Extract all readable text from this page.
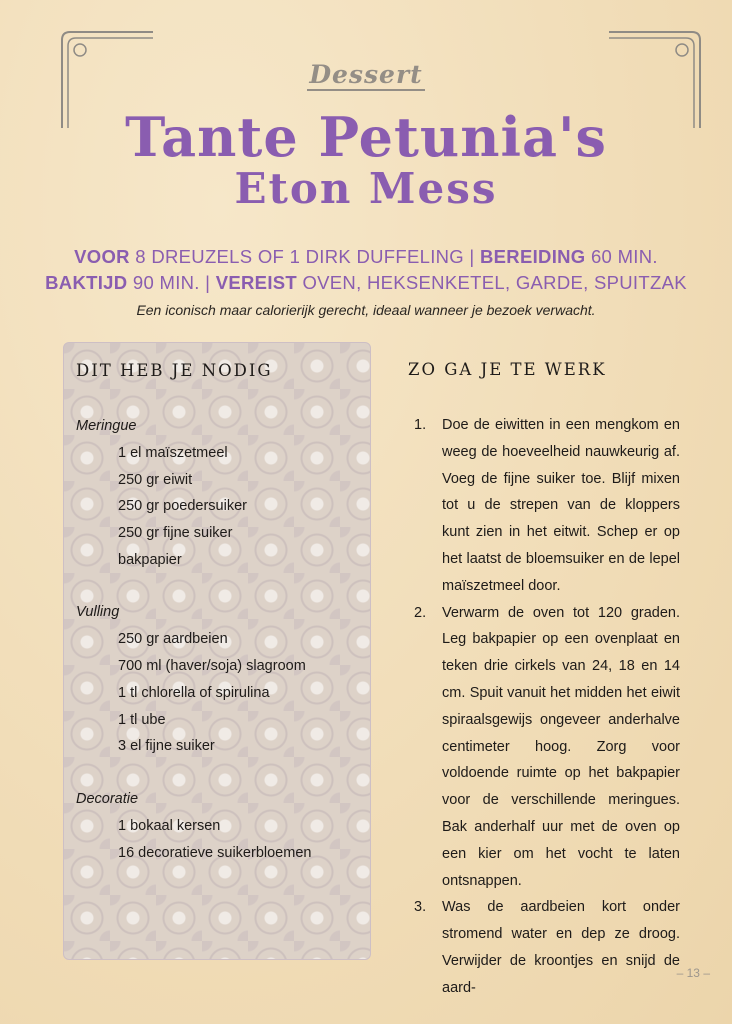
Dessert
Tante Petunia's
Eton Mess
VOOR 8 DREUZELS OF 1 DIRK DUFFELING | BEREIDING 60 MIN.
BAKTIJD 90 MIN. | VEREIST OVEN, HEKSENKETEL, GARDE, SPUITZAK
Een iconisch maar calorierijk gerecht, ideaal wanneer je bezoek verwacht.
DIT HEB JE NODIG
Meringue
1 el maïszetmeel
250 gr eiwit
250 gr poedersuiker
250 gr fijne suiker
bakpapier
Vulling
250 gr aardbeien
700 ml (haver/soja) slagroom
1 tl chlorella of spirulina
1 tl ube
3 el fijne suiker
Decoratie
1 bokaal kersen
16 decoratieve suikerbloemen
ZO GA JE TE WERK
1. Doe de eiwitten in een mengkom en weeg de hoeveelheid nauwkeurig af. Voeg de fijne suiker toe. Blijf mixen tot u de strepen van de kloppers kunt zien in het eitwit. Schep er op het laatst de bloemsuiker en de lepel maïszetmeel door.
2. Verwarm de oven tot 120 graden. Leg bakpapier op een ovenplaat en teken drie cirkels van 24, 18 en 14 cm. Spuit vanuit het midden het eiwit spiraalsgewijs ongeveer anderhalve centimeter hoog. Zorg voor voldoende ruimte op het bakpapier voor de verschillende meringues. Bak anderhalf uur met de oven op een kier om het vocht te laten ontsnappen.
3. Was de aardbeien kort onder stromend water en dep ze droog. Verwijder de kroontjes en snijd de aard-
– 13 –
